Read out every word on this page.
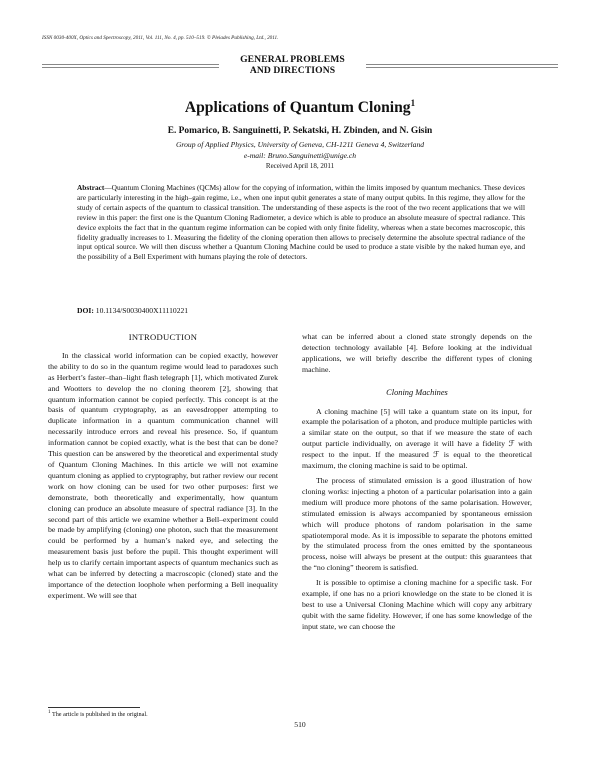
ISSN 0030-400X, Optics and Spectroscopy, 2011, Vol. 111, No. 4, pp. 510–519. © Pleiades Publishing, Ltd., 2011.
GENERAL PROBLEMS
AND DIRECTIONS
Applications of Quantum Cloning$^1$
E. Pomarico, B. Sanguinetti, P. Sekatski, H. Zbinden, and N. Gisin
Group of Applied Physics, University of Geneva, CH-1211 Geneva 4, Switzerland
e-mail: Bruno.Sanguinetti@unige.ch
Received April 18, 2011
Abstract—Quantum Cloning Machines (QCMs) allow for the copying of information, within the limits imposed by quantum mechanics. These devices are particularly interesting in the high–gain regime, i.e., when one input qubit generates a state of many output qubits. In this regime, they allow for the study of certain aspects of the quantum to classical transition. The understanding of these aspects is the root of the two recent applications that we will review in this paper: the first one is the Quantum Cloning Radiometer, a device which is able to produce an absolute measure of spectral radiance. This device exploits the fact that in the quantum regime information can be copied with only finite fidelity, whereas when a state becomes macroscopic, this fidelity gradually increases to 1. Measuring the fidelity of the cloning operation then allows to precisely determine the absolute spectral radiance of the input optical source. We will then discuss whether a Quantum Cloning Machine could be used to produce a state visible by the naked human eye, and the possibility of a Bell Experiment with humans playing the role of detectors.
DOI: 10.1134/S0030400X11110221
INTRODUCTION

In the classical world information can be copied exactly, however the ability to do so in the quantum regime would lead to paradoxes such as Herbert’s faster–than–light flash telegraph [1], which motivated Zurek and Wootters to develop the no cloning theorem [2], showing that quantum information cannot be copied perfectly. This concept is at the basis of quantum cryptography, as an eavesdropper attempting to duplicate information in a quantum communication channel will necessarily introduce errors and reveal his presence. So, if quantum information cannot be copied exactly, what is the best that can be done? This question can be answered by the theoretical and experimental study of Quantum Cloning Machines. In this article we will not examine quantum cloning as applied to cryptography, but rather review our recent work on how cloning can be used for two other purposes: first we demonstrate, both theoretically and experimentally, how quantum cloning can produce an absolute measure of spectral radiance [3]. In the second part of this article we examine whether a Bell–experiment could be made by amplifying (cloning) one photon, such that the measurement could be performed by a human’s naked eye, and selecting the measurement basis just before the pupil. This thought experiment will help us to clarify certain important aspects of quantum mechanics such as what can be inferred by detecting a macroscopic (cloned) state and the importance of the detection loophole when performing a Bell inequality experiment. We will see that

what can be inferred about a cloned state strongly depends on the detection technology available [4]. Before looking at the individual applications, we will briefly describe the different types of cloning machine.

Cloning Machines

A cloning machine [5] will take a quantum state on its input, for example the polarisation of a photon, and produce multiple particles with a similar state on the output, so that if we measure the state of each output particle individually, on average it will have a fidelity ℱ with respect to the input. If the measured ℱ is equal to the theoretical maximum, the cloning machine is said to be optimal.

The process of stimulated emission is a good illustration of how cloning works: injecting a photon of a particular polarisation into a gain medium will produce more photons of the same polarisation. However, stimulated emission is always accompanied by spontaneous emission which will produce photons of random polarisation in the same spatiotemporal mode. As it is impossible to separate the photons emitted by the stimulated process from the ones emitted by the spontaneous process, noise will always be present at the output: this guarantees that the “no cloning” theorem is satisfied.

It is possible to optimise a cloning machine for a specific task. For example, if one has no a priori knowledge on the state to be cloned it is best to use a Universal Cloning Machine which will copy any arbitrary qubit with the same fidelity. However, if one has some knowledge of the input state, we can choose the

$^1$ The article is published in the original.
510
